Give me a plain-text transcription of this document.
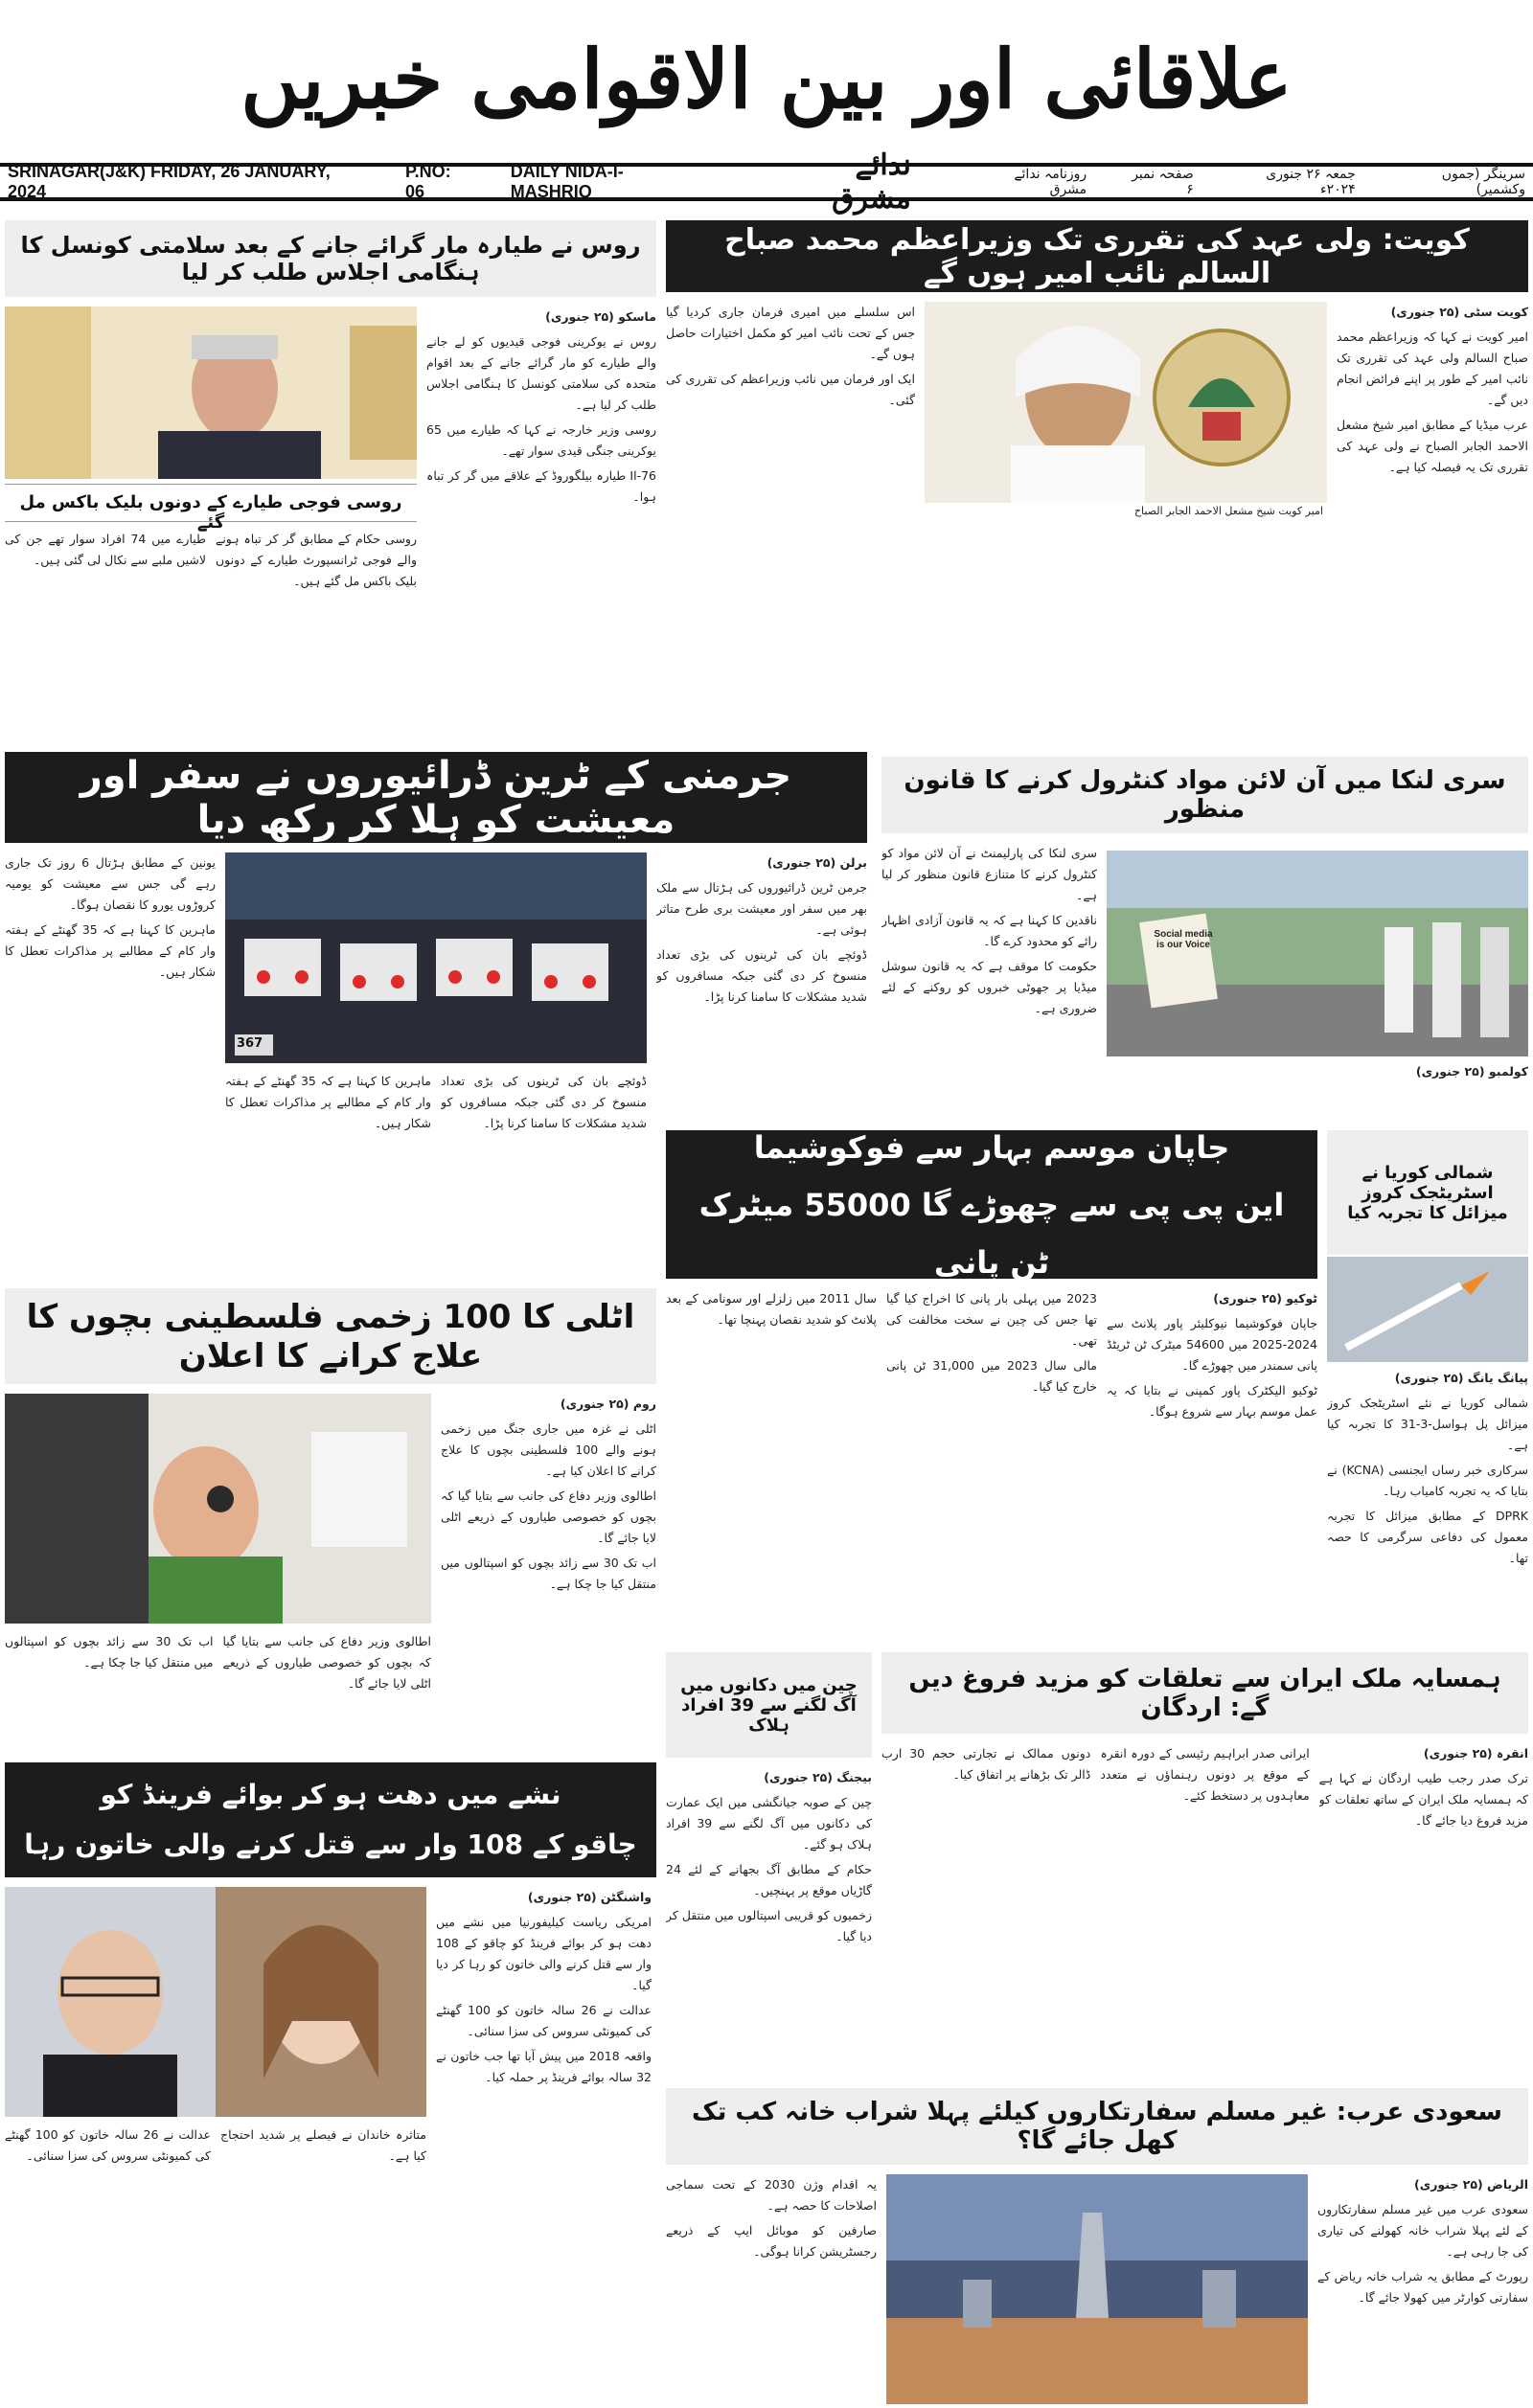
علاقائی اور بین الاقوامی خبریں
SRINAGAR(J&K) FRIDAY, 26 JANUARY, 2024
P.NO: 06
DAILY NIDA-I-MASHRIQ
ندائے مشرق
روزنامہ ندائے مشرق
صفحہ نمبر ۶
جمعہ ۲۶ جنوری ۲۰۲۴ء
سرینگر (جموں وکشمیر)
کویت: ولی عہد کی تقرری تک وزیراعظم محمد صباح السالم نائب امیر ہوں گے

کویت سٹی (۲۵ جنوری)

امیر کویت نے کہا کہ وزیراعظم محمد صباح السالم ولی عہد کی تقرری تک نائب امیر کے طور پر اپنے فرائض انجام دیں گے۔

عرب میڈیا کے مطابق امیر شیخ مشعل الاحمد الجابر الصباح نے ولی عہد کی تقرری تک یہ فیصلہ کیا ہے۔

امیر کویت شیخ مشعل الاحمد الجابر الصباح

اس سلسلے میں امیری فرمان جاری کردیا گیا جس کے تحت نائب امیر کو مکمل اختیارات حاصل ہوں گے۔

ایک اور فرمان میں نائب وزیراعظم کی تقرری کی گئی۔

روس نے طیارہ مار گرائے جانے کے بعد سلامتی کونسل کا ہنگامی اجلاس طلب کر لیا

ماسکو (۲۵ جنوری)

روس نے یوکرینی فوجی قیدیوں کو لے جانے والے طیارے کو مار گرائے جانے کے بعد اقوام متحدہ کی سلامتی کونسل کا ہنگامی اجلاس طلب کر لیا ہے۔

روسی وزیر خارجہ نے کہا کہ طیارے میں 65 یوکرینی جنگی قیدی سوار تھے۔

76-Il طیارہ بیلگوروڈ کے علاقے میں گر کر تباہ ہوا۔

روسی فوجی طیارے کے دونوں بلیک باکس مل گئے

روسی حکام کے مطابق گر کر تباہ ہونے والے فوجی ٹرانسپورٹ طیارے کے دونوں بلیک باکس مل گئے ہیں۔

طیارے میں 74 افراد سوار تھے جن کی لاشیں ملبے سے نکال لی گئی ہیں۔

جرمنی کے ٹرین ڈرائیوروں نے سفر اور معیشت کو ہلا کر رکھ دیا
367

برلن (۲۵ جنوری)

جرمن ٹرین ڈرائیوروں کی ہڑتال سے ملک بھر میں سفر اور معیشت بری طرح متاثر ہوئی ہے۔

ڈوئچے بان کی ٹرینوں کی بڑی تعداد منسوخ کر دی گئی جبکہ مسافروں کو شدید مشکلات کا سامنا کرنا پڑا۔

یونین کے مطابق ہڑتال 6 روز تک جاری رہے گی جس سے معیشت کو یومیہ کروڑوں یورو کا نقصان ہوگا۔

ماہرین کا کہنا ہے کہ 35 گھنٹے کے ہفتہ وار کام کے مطالبے پر مذاکرات تعطل کا شکار ہیں۔

ڈوئچے بان کی ٹرینوں کی بڑی تعداد منسوخ کر دی گئی جبکہ مسافروں کو شدید مشکلات کا سامنا کرنا پڑا۔

ماہرین کا کہنا ہے کہ 35 گھنٹے کے ہفتہ وار کام کے مطالبے پر مذاکرات تعطل کا شکار ہیں۔

سری لنکا میں آن لائن مواد کنٹرول کرنے کا قانون منظور
Social media is our Voice

سری لنکا کی پارلیمنٹ نے آن لائن مواد کو کنٹرول کرنے کا متنازع قانون منظور کر لیا ہے۔

ناقدین کا کہنا ہے کہ یہ قانون آزادی اظہار رائے کو محدود کرے گا۔

حکومت کا موقف ہے کہ یہ قانون سوشل میڈیا پر جھوٹی خبروں کو روکنے کے لئے ضروری ہے۔

کولمبو (۲۵ جنوری)

جاپان موسم بہار سے فوکوشیما
این پی پی سے چھوڑے گا 55000 میٹرک ٹن پانی

ٹوکیو (۲۵ جنوری)

جاپان فوکوشیما نیوکلیئر پاور پلانٹ سے 2024-2025 میں 54600 میٹرک ٹن ٹریٹڈ پانی سمندر میں چھوڑے گا۔

ٹوکیو الیکٹرک پاور کمپنی نے بتایا کہ یہ عمل موسم بہار سے شروع ہوگا۔

2023 میں پہلی بار پانی کا اخراج کیا گیا تھا جس کی چین نے سخت مخالفت کی تھی۔

مالی سال 2023 میں 31,000 ٹن پانی خارج کیا گیا۔

سال 2011 میں زلزلے اور سونامی کے بعد پلانٹ کو شدید نقصان پہنچا تھا۔

شمالی کوریا نے اسٹریٹجک کروز میزائل کا تجربہ کیا

پیانگ یانگ (۲۵ جنوری)

شمالی کوریا نے نئے اسٹریٹجک کروز میزائل پل ہواسل-3-31 کا تجربہ کیا ہے۔

سرکاری خبر رساں ایجنسی (KCNA) نے بتایا کہ یہ تجربہ کامیاب رہا۔

DPRK کے مطابق میزائل کا تجربہ معمول کی دفاعی سرگرمی کا حصہ تھا۔

اٹلی کا 100 زخمی فلسطینی بچوں کا علاج کرانے کا اعلان

روم (۲۵ جنوری)

اٹلی نے غزہ میں جاری جنگ میں زخمی ہونے والے 100 فلسطینی بچوں کا علاج کرانے کا اعلان کیا ہے۔

اطالوی وزیر دفاع کی جانب سے بتایا گیا کہ بچوں کو خصوصی طیاروں کے ذریعے اٹلی لایا جائے گا۔

اب تک 30 سے زائد بچوں کو اسپتالوں میں منتقل کیا جا چکا ہے۔

اطالوی وزیر دفاع کی جانب سے بتایا گیا کہ بچوں کو خصوصی طیاروں کے ذریعے اٹلی لایا جائے گا۔

اب تک 30 سے زائد بچوں کو اسپتالوں میں منتقل کیا جا چکا ہے۔

چین میں دکانوں میں آگ لگنے سے 39 افراد ہلاک

بیجنگ (۲۵ جنوری)

چین کے صوبہ جیانگشی میں ایک عمارت کی دکانوں میں آگ لگنے سے 39 افراد ہلاک ہو گئے۔

حکام کے مطابق آگ بجھانے کے لئے 24 گاڑیاں موقع پر پہنچیں۔

زخمیوں کو قریبی اسپتالوں میں منتقل کر دیا گیا۔

ہمسایہ ملک ایران سے تعلقات کو مزید فروغ دیں گے: اردگان

انقرہ (۲۵ جنوری)

ترک صدر رجب طیب اردگان نے کہا ہے کہ ہمسایہ ملک ایران کے ساتھ تعلقات کو مزید فروغ دیا جائے گا۔

ایرانی صدر ابراہیم رئیسی کے دورہ انقرہ کے موقع پر دونوں رہنماؤں نے متعدد معاہدوں پر دستخط کئے۔

دونوں ممالک نے تجارتی حجم 30 ارب ڈالر تک بڑھانے پر اتفاق کیا۔

نشے میں دھت ہو کر بوائے فرینڈ کو
چاقو کے 108 وار سے قتل کرنے والی خاتون رہا

واشنگٹن (۲۵ جنوری)

امریکی ریاست کیلیفورنیا میں نشے میں دھت ہو کر بوائے فرینڈ کو چاقو کے 108 وار سے قتل کرنے والی خاتون کو رہا کر دیا گیا۔

عدالت نے 26 سالہ خاتون کو 100 گھنٹے کی کمیونٹی سروس کی سزا سنائی۔

واقعہ 2018 میں پیش آیا تھا جب خاتون نے 32 سالہ بوائے فرینڈ پر حملہ کیا۔

متاثرہ خاندان نے فیصلے پر شدید احتجاج کیا ہے۔

عدالت نے 26 سالہ خاتون کو 100 گھنٹے کی کمیونٹی سروس کی سزا سنائی۔

سعودی عرب: غیر مسلم سفارتکاروں کیلئے پہلا شراب خانہ کب تک کھل جائے گا؟

الریاض (۲۵ جنوری)

سعودی عرب میں غیر مسلم سفارتکاروں کے لئے پہلا شراب خانہ کھولنے کی تیاری کی جا رہی ہے۔

رپورٹ کے مطابق یہ شراب خانہ ریاض کے سفارتی کوارٹر میں کھولا جائے گا۔

یہ اقدام وژن 2030 کے تحت سماجی اصلاحات کا حصہ ہے۔

صارفین کو موبائل ایپ کے ذریعے رجسٹریشن کرانا ہوگی۔
